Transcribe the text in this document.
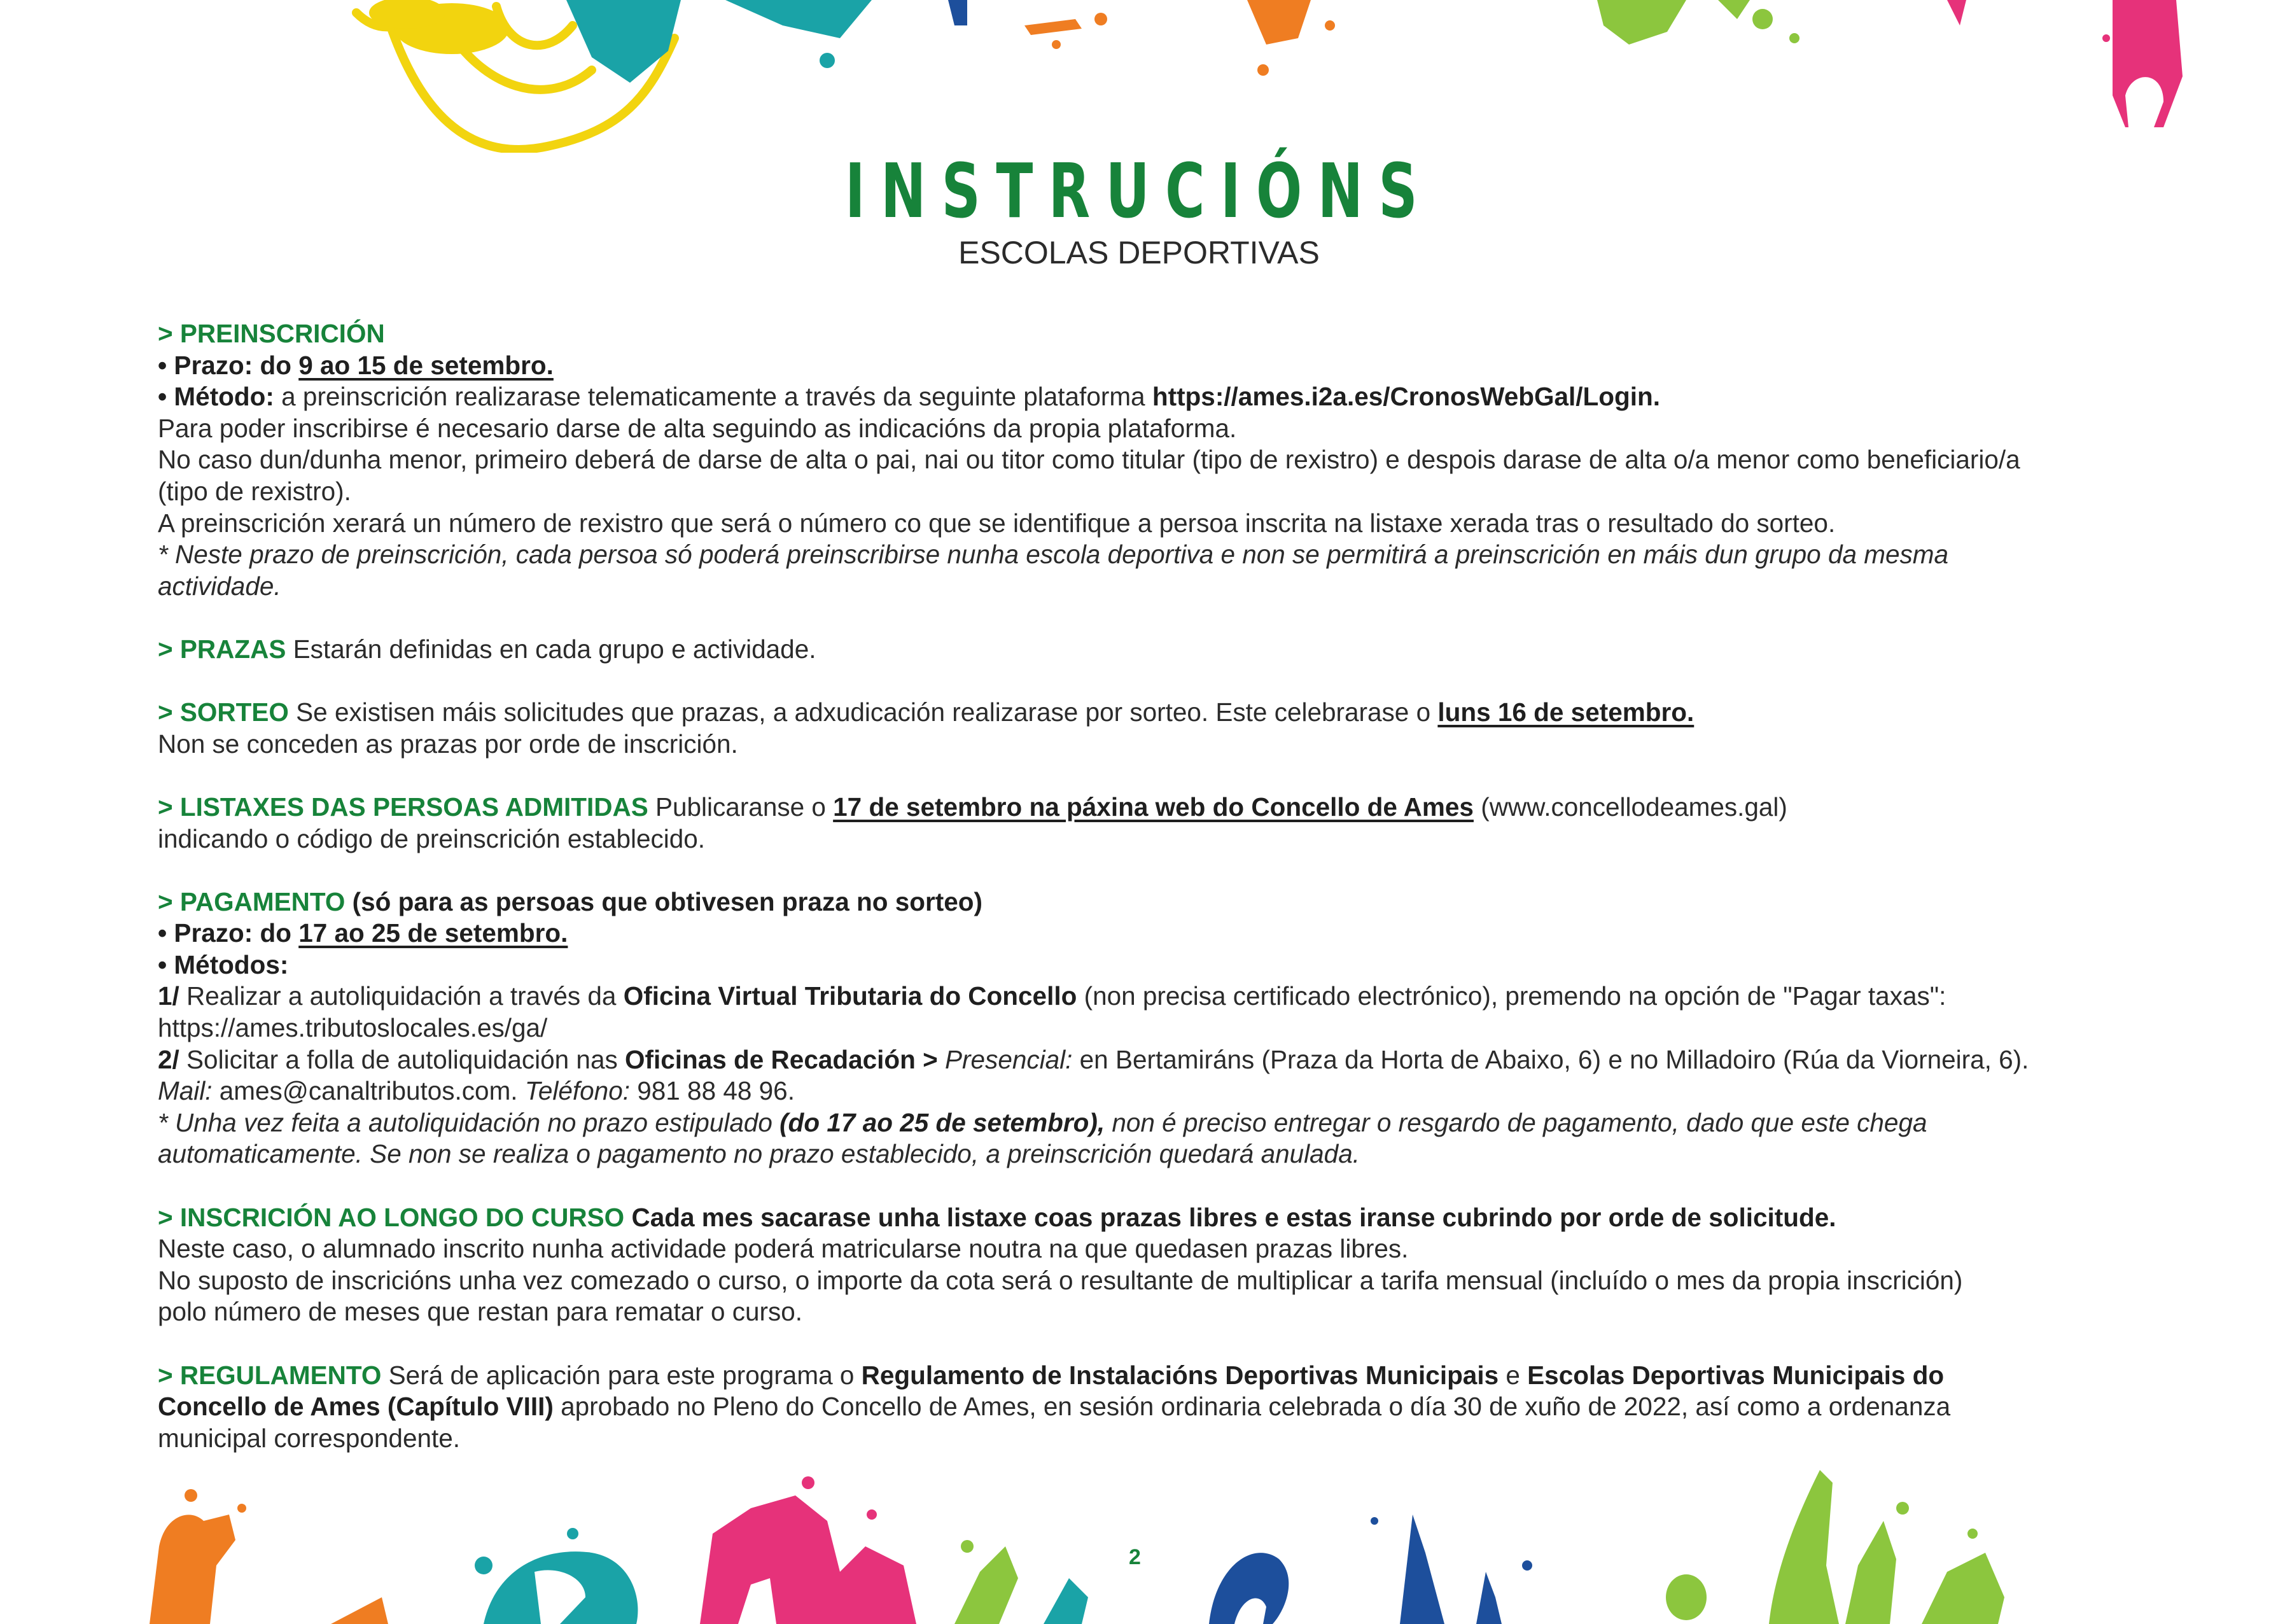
INSTRUCIÓNS
ESCOLAS DEPORTIVAS
> PREINSCRICIÓN
• Prazo: do 9 ao 15 de setembro.
• Método: a preinscrición realizarase telematicamente a través da seguinte plataforma https://ames.i2a.es/CronosWebGal/Login.
Para poder inscribirse é necesario darse de alta seguindo as indicacións da propia plataforma.
No caso dun/dunha menor, primeiro deberá de darse de alta o pai, nai ou titor como titular (tipo de rexistro) e despois darase de alta o/a menor como beneficiario/a
(tipo de rexistro).
A preinscrición xerará un número de rexistro que será o número co que se identifique a persoa inscrita na listaxe xerada tras o resultado do sorteo.
* Neste prazo de preinscrición, cada persoa só poderá preinscribirse nunha escola deportiva e non se permitirá a preinscrición en máis dun grupo da mesma
actividade.
> PRAZAS Estarán definidas en cada grupo e actividade.
> SORTEO Se existisen máis solicitudes que prazas, a adxudicación realizarase por sorteo. Este celebrarase o luns 16 de setembro.
Non se conceden as prazas por orde de inscrición.
> LISTAXES DAS PERSOAS ADMITIDAS Publicaranse o 17 de setembro na páxina web do Concello de Ames (www.concellodeames.gal)
indicando o código de preinscrición establecido.
> PAGAMENTO (só para as persoas que obtivesen praza no sorteo)
• Prazo: do 17 ao 25 de setembro.
• Métodos:
1/ Realizar a autoliquidación a través da Oficina Virtual Tributaria do Concello (non precisa certificado electrónico), premendo na opción de "Pagar taxas":
https://ames.tributoslocales.es/ga/
2/ Solicitar a folla de autoliquidación nas Oficinas de Recadación > Presencial: en Bertamiráns (Praza da Horta de Abaixo, 6) e no Milladoiro (Rúa da Viorneira, 6).
Mail: ames@canaltributos.com. Teléfono: 981 88 48 96.
* Unha vez feita a autoliquidación no prazo estipulado (do 17 ao 25 de setembro), non é preciso entregar o resgardo de pagamento, dado que este chega
automaticamente. Se non se realiza o pagamento no prazo establecido, a preinscrición quedará anulada.
> INSCRICIÓN AO LONGO DO CURSO Cada mes sacarase unha listaxe coas prazas libres e estas iranse cubrindo por orde de solicitude.
Neste caso, o alumnado inscrito nunha actividade poderá matricularse noutra na que quedasen prazas libres.
No suposto de inscricións unha vez comezado o curso, o importe da cota será o resultante de multiplicar a tarifa mensual (incluído o mes da propia inscrición)
polo número de meses que restan para rematar o curso.
> REGULAMENTO Será de aplicación para este programa o Regulamento de Instalacións Deportivas Municipais e Escolas Deportivas Municipais do
Concello de Ames (Capítulo VIII) aprobado no Pleno do Concello de Ames, en sesión ordinaria celebrada o día 30 de xuño de 2022, así como a ordenanza
municipal correspondente.
2
